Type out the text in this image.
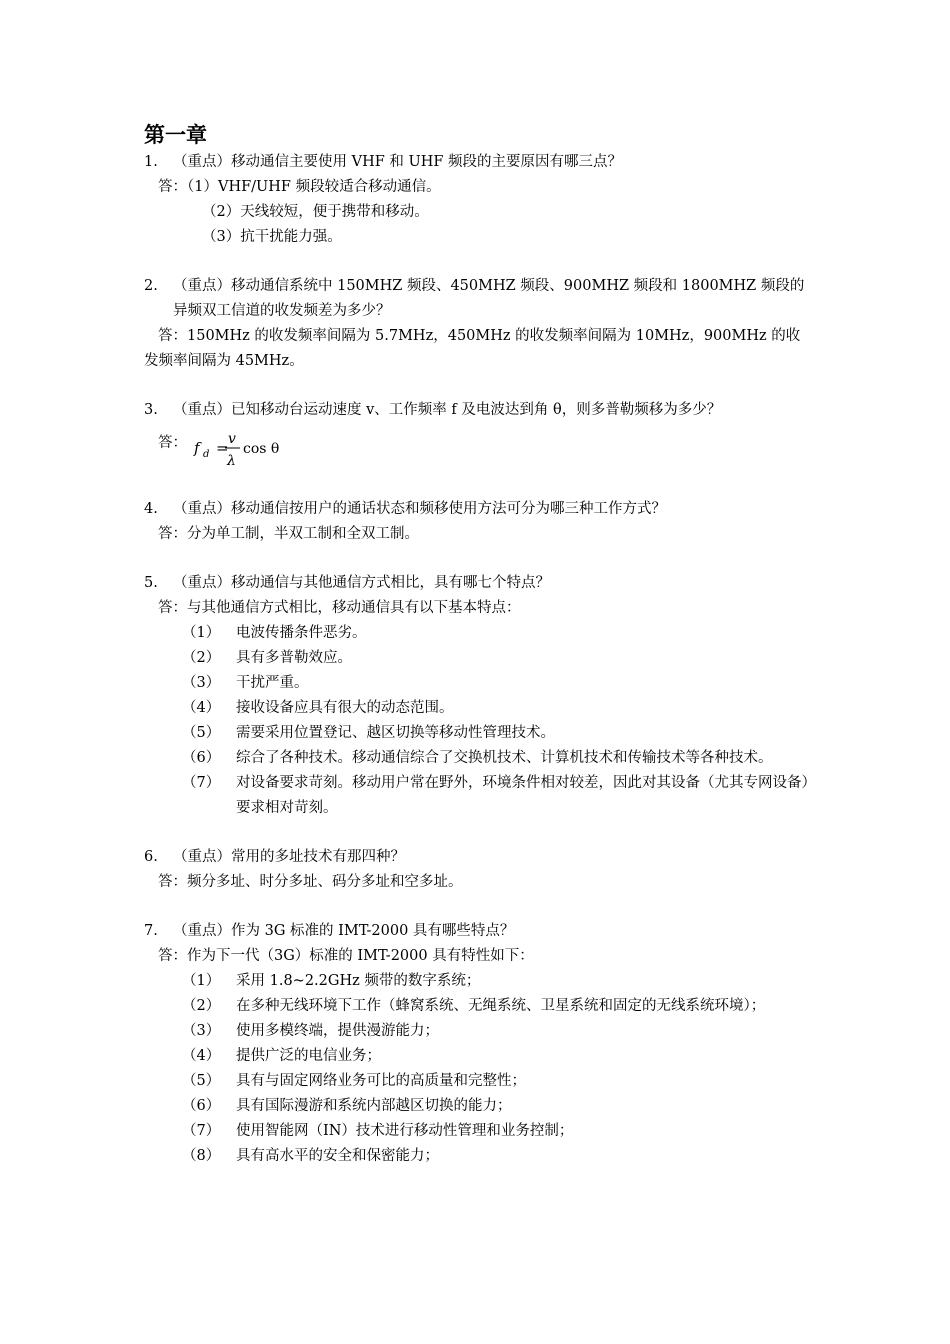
第一章

1. （重点）移动通信主要使用 VHF 和 UHF 频段的主要原因有哪三点？

答：（1）VHF/UHF 频段较适合移动通信。

（2）天线较短，便于携带和移动。

（3）抗干扰能力强。

2. （重点）移动通信系统中 150MHZ 频段、450MHZ 频段、900MHZ 频段和 1800MHZ 频段的异频双工信道的收发频差为多少？

答：150MHz 的收发频率间隔为 5.7MHz，450MHz 的收发频率间隔为 10MHz，900MHz 的收发频率间隔为 45MHz。

3. （重点）已知移动台运动速度 v、工作频率 f 及电波达到角 θ，则多普勒频移为多少？

答： f d = v
λ
cos θ

4. （重点）移动通信按用户的通话状态和频移使用方法可分为哪三种工作方式？

答：分为单工制，半双工制和全双工制。

5. （重点）移动通信与其他通信方式相比，具有哪七个特点？

答：与其他通信方式相比，移动通信具有以下基本特点：

（1） 电波传播条件恶劣。

（2） 具有多普勒效应。

（3） 干扰严重。

（4） 接收设备应具有很大的动态范围。

（5） 需要采用位置登记、越区切换等移动性管理技术。

（6） 综合了各种技术。移动通信综合了交换机技术、计算机技术和传输技术等各种技术。

（7） 对设备要求苛刻。移动用户常在野外，环境条件相对较差，因此对其设备（尤其专网设备）要求相对苛刻。

6. （重点）常用的多址技术有那四种？

答：频分多址、时分多址、码分多址和空多址。

7. （重点）作为 3G 标准的 IMT-2000 具有哪些特点？

答：作为下一代（3G）标准的 IMT-2000 具有特性如下：

（1） 采用 1.8~2.2GHz 频带的数字系统；

（2） 在多种无线环境下工作（蜂窝系统、无绳系统、卫星系统和固定的无线系统环境）；

（3） 使用多模终端，提供漫游能力；

（4） 提供广泛的电信业务；

（5） 具有与固定网络业务可比的高质量和完整性；

（6） 具有国际漫游和系统内部越区切换的能力；

（7） 使用智能网（IN）技术进行移动性管理和业务控制；

（8） 具有高水平的安全和保密能力；
